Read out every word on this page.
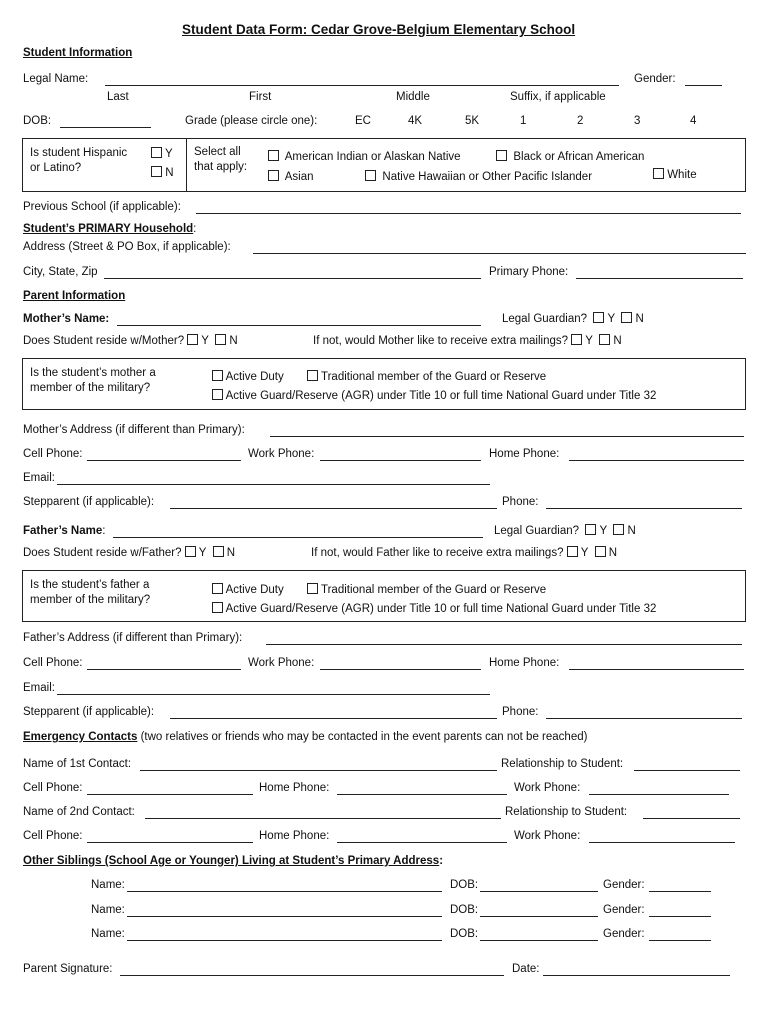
Student Data Form: Cedar Grove-Belgium Elementary School
Student Information
Legal Name:	Gender:
Last	First	Middle	Suffix, if applicable
DOB:	Grade (please circle one):	EC	4K	5K	1	2	3	4
Is student Hispanic
or Latino?
Y
N
Select all
that apply:
American Indian or Alaskan Native	Black or African American
Asian	Native Hawaiian or Other Pacific Islander	White
Previous School (if applicable):
Student’s PRIMARY Household:
Address (Street & PO Box, if applicable):
City, State, Zip	Primary Phone:
Parent Information
Mother’s Name:	Legal Guardian? Y N
Does Student reside w/Mother? Y N	If not, would Mother like to receive extra mailings? Y N
Is the student’s mother a
member of the military?
Active Duty	Traditional member of the Guard or Reserve
Active Guard/Reserve (AGR) under Title 10 or full time National Guard under Title 32
Mother’s Address (if different than Primary):
Cell Phone:	Work Phone:	Home Phone:
Email:
Stepparent (if applicable):	Phone:
Father’s Name:	Legal Guardian? Y N
Does Student reside w/Father? Y N	If not, would Father like to receive extra mailings? Y N
Is the student’s father a
member of the military?
Active Duty	Traditional member of the Guard or Reserve
Active Guard/Reserve (AGR) under Title 10 or full time National Guard under Title 32
Father’s Address (if different than Primary):
Cell Phone:	Work Phone:	Home Phone:
Email:
Stepparent (if applicable):	Phone:
Emergency Contacts (two relatives or friends who may be contacted in the event parents can not be reached)
Name of 1st Contact:	Relationship to Student:
Cell Phone:	Home Phone:	Work Phone:
Name of 2nd Contact:	Relationship to Student:
Cell Phone:	Home Phone:	Work Phone:
Other Siblings (School Age or Younger) Living at Student’s Primary Address:
Name:	DOB:	Gender:
Name:	DOB:	Gender:
Name:	DOB:	Gender:
Parent Signature:	Date:
